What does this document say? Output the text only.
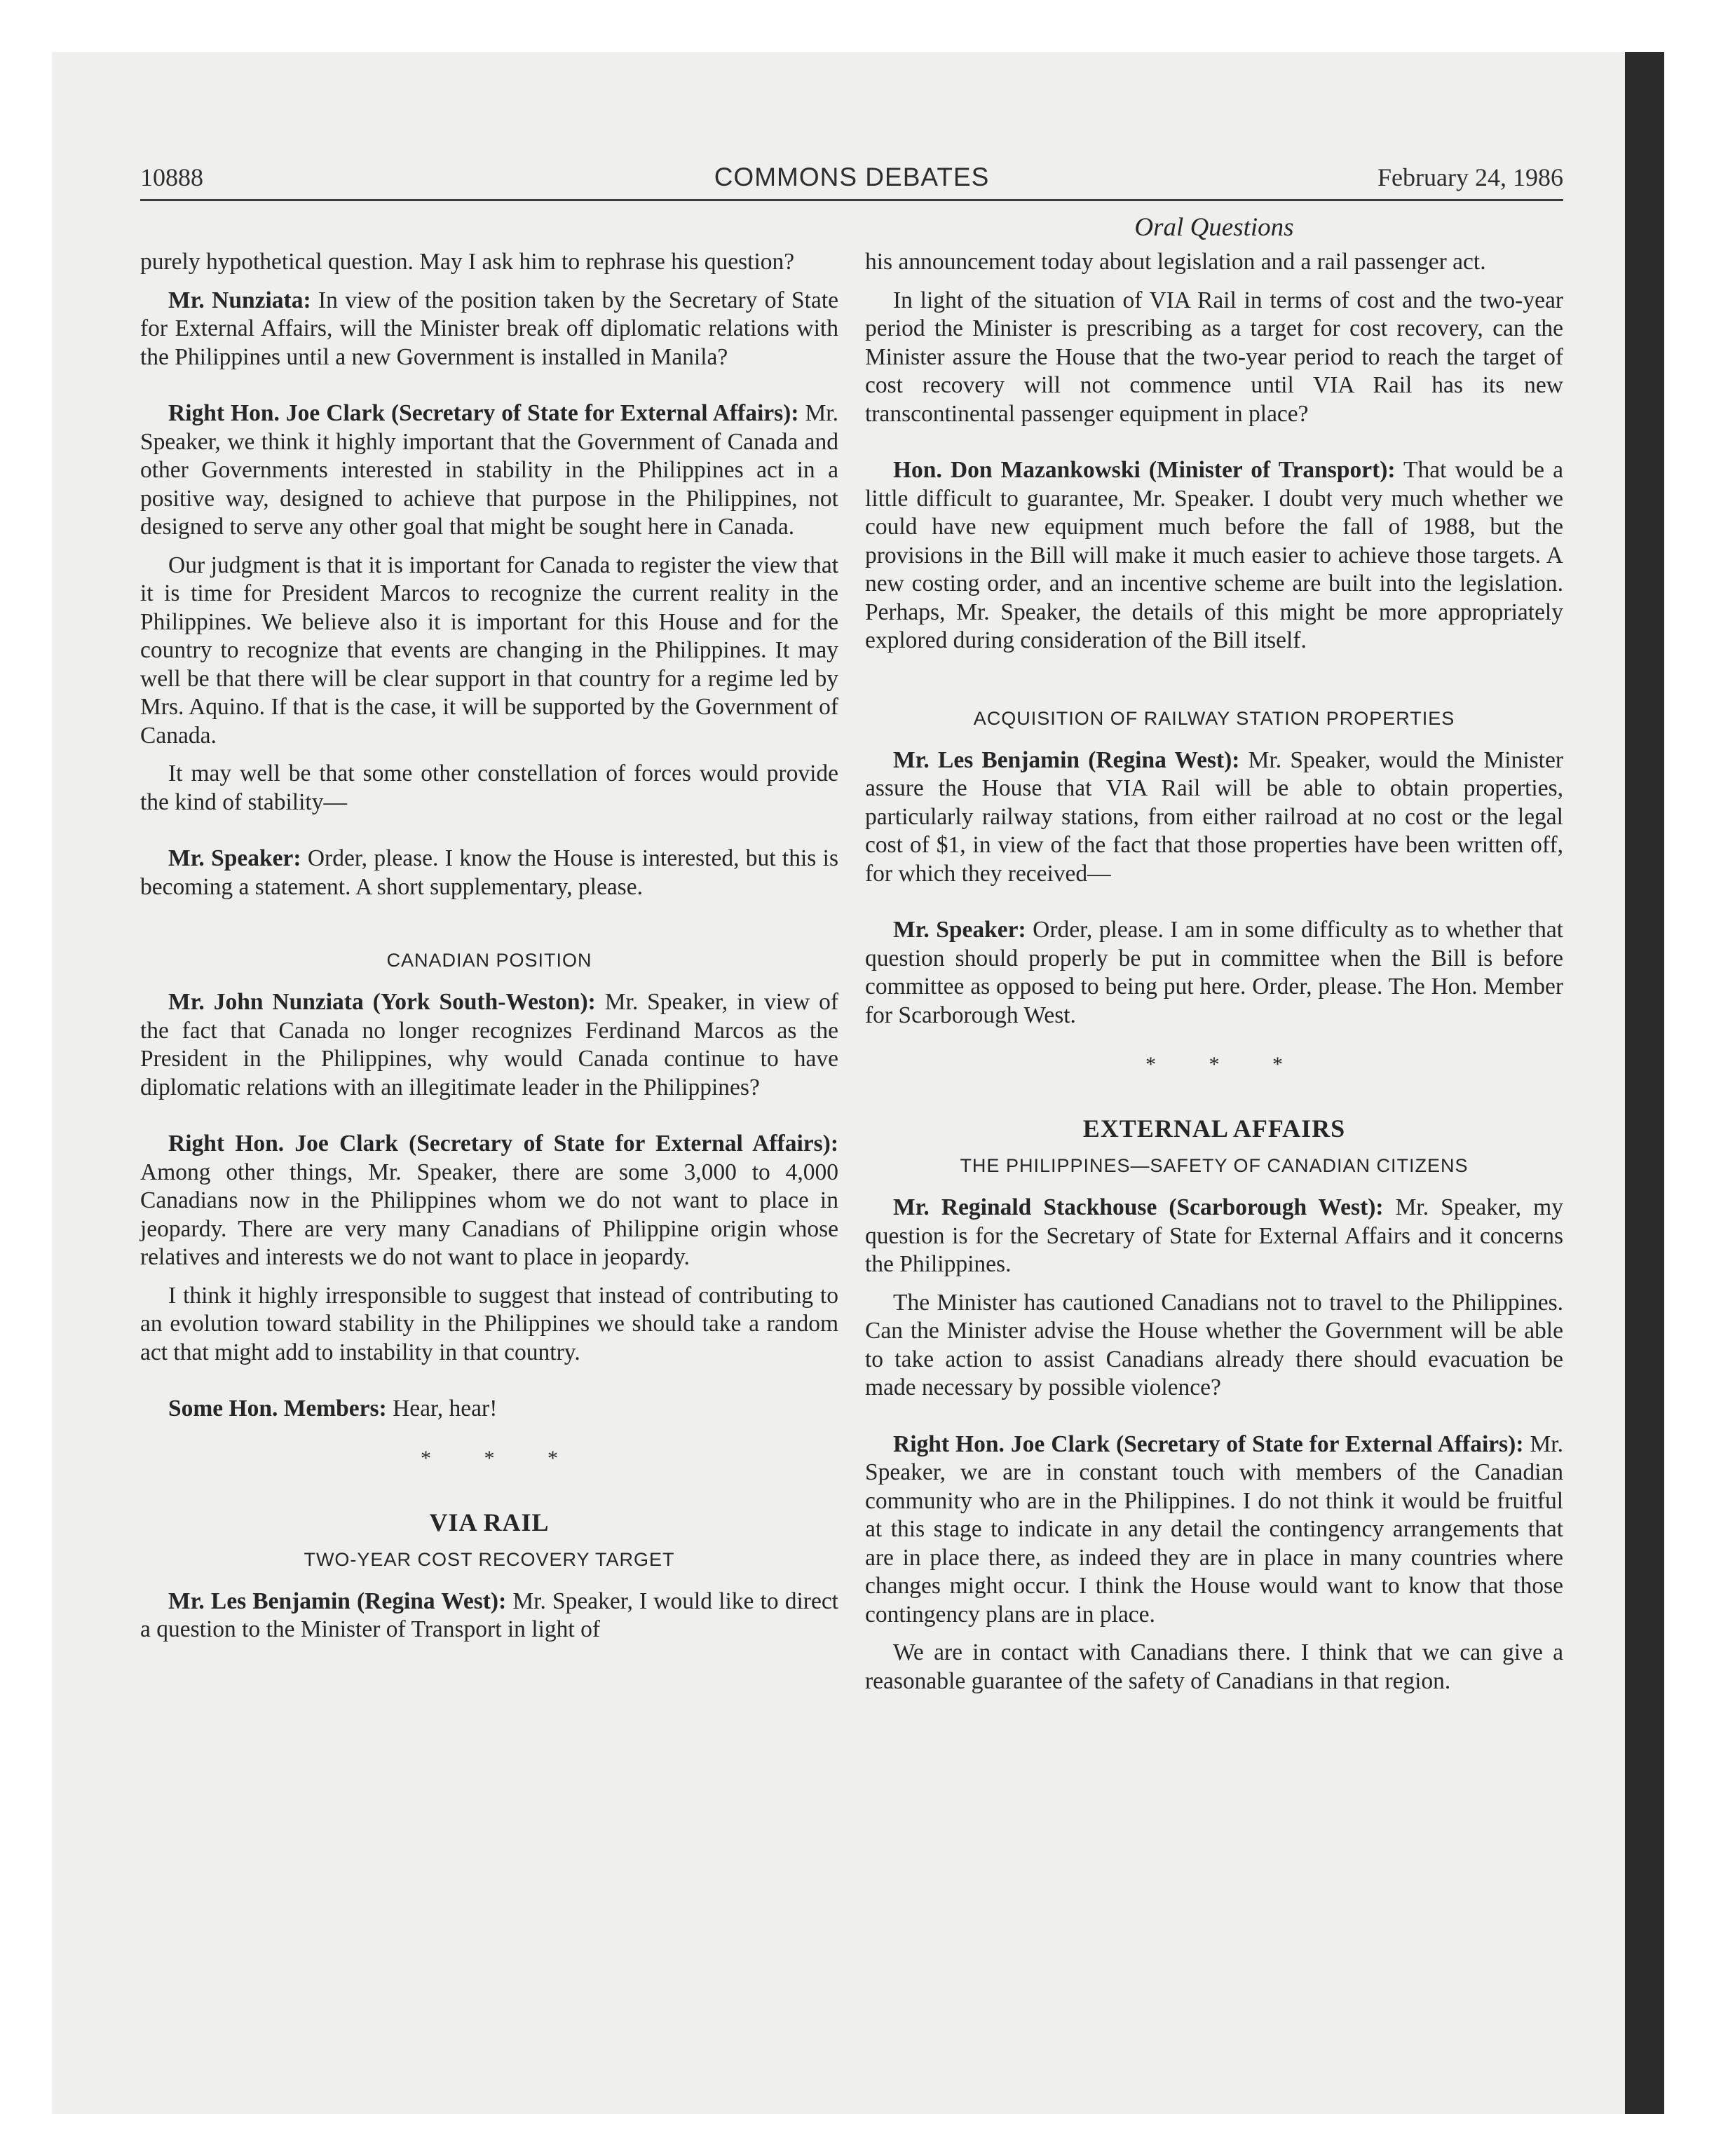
10888	COMMONS DEBATES	February 24, 1986
Oral Questions

purely hypothetical question. May I ask him to rephrase his question?

Mr. Nunziata: In view of the position taken by the Secretary of State for External Affairs, will the Minister break off diplomatic relations with the Philippines until a new Government is installed in Manila?

Right Hon. Joe Clark (Secretary of State for External Affairs): Mr. Speaker, we think it highly important that the Government of Canada and other Governments interested in stability in the Philippines act in a positive way, designed to achieve that purpose in the Philippines, not designed to serve any other goal that might be sought here in Canada.

Our judgment is that it is important for Canada to register the view that it is time for President Marcos to recognize the current reality in the Philippines. We believe also it is important for this House and for the country to recognize that events are changing in the Philippines. It may well be that there will be clear support in that country for a regime led by Mrs. Aquino. If that is the case, it will be supported by the Government of Canada.

It may well be that some other constellation of forces would provide the kind of stability—

Mr. Speaker: Order, please. I know the House is interested, but this is becoming a statement. A short supplementary, please.

CANADIAN POSITION

Mr. John Nunziata (York South-Weston): Mr. Speaker, in view of the fact that Canada no longer recognizes Ferdinand Marcos as the President in the Philippines, why would Canada continue to have diplomatic relations with an illegitimate leader in the Philippines?

Right Hon. Joe Clark (Secretary of State for External Affairs): Among other things, Mr. Speaker, there are some 3,000 to 4,000 Canadians now in the Philippines whom we do not want to place in jeopardy. There are very many Canadians of Philippine origin whose relatives and interests we do not want to place in jeopardy.

I think it highly irresponsible to suggest that instead of contributing to an evolution toward stability in the Philippines we should take a random act that might add to instability in that country.

Some Hon. Members: Hear, hear!

* * *
VIA RAIL
TWO-YEAR COST RECOVERY TARGET

Mr. Les Benjamin (Regina West): Mr. Speaker, I would like to direct a question to the Minister of Transport in light of

his announcement today about legislation and a rail passenger act.

In light of the situation of VIA Rail in terms of cost and the two-year period the Minister is prescribing as a target for cost recovery, can the Minister assure the House that the two-year period to reach the target of cost recovery will not commence until VIA Rail has its new transcontinental passenger equipment in place?

Hon. Don Mazankowski (Minister of Transport): That would be a little difficult to guarantee, Mr. Speaker. I doubt very much whether we could have new equipment much before the fall of 1988, but the provisions in the Bill will make it much easier to achieve those targets. A new costing order, and an incentive scheme are built into the legislation. Perhaps, Mr. Speaker, the details of this might be more appropriately explored during consideration of the Bill itself.

ACQUISITION OF RAILWAY STATION PROPERTIES

Mr. Les Benjamin (Regina West): Mr. Speaker, would the Minister assure the House that VIA Rail will be able to obtain properties, particularly railway stations, from either railroad at no cost or the legal cost of $1, in view of the fact that those properties have been written off, for which they received—

Mr. Speaker: Order, please. I am in some difficulty as to whether that question should properly be put in committee when the Bill is before committee as opposed to being put here. Order, please. The Hon. Member for Scarborough West.

* * *
EXTERNAL AFFAIRS
THE PHILIPPINES—SAFETY OF CANADIAN CITIZENS

Mr. Reginald Stackhouse (Scarborough West): Mr. Speaker, my question is for the Secretary of State for External Affairs and it concerns the Philippines.

The Minister has cautioned Canadians not to travel to the Philippines. Can the Minister advise the House whether the Government will be able to take action to assist Canadians already there should evacuation be made necessary by possible violence?

Right Hon. Joe Clark (Secretary of State for External Affairs): Mr. Speaker, we are in constant touch with members of the Canadian community who are in the Philippines. I do not think it would be fruitful at this stage to indicate in any detail the contingency arrangements that are in place there, as indeed they are in place in many countries where changes might occur. I think the House would want to know that those contingency plans are in place.

We are in contact with Canadians there. I think that we can give a reasonable guarantee of the safety of Canadians in that region.
